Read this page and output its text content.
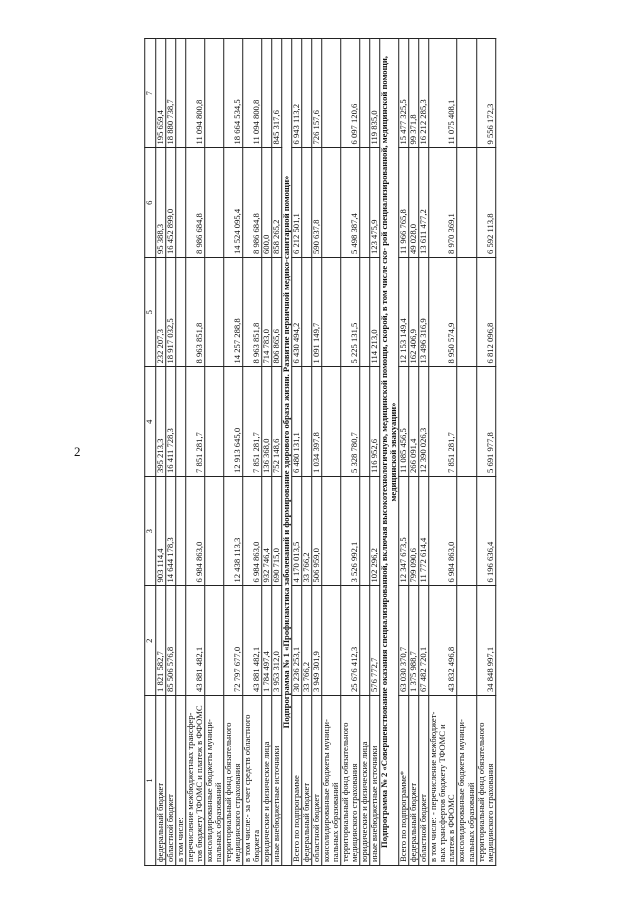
2
1	2	3	4	5	6	7
федеральный бюджет	1 821 582,7	903 114,4	395 213,3	232 207,3	95 388,3	195 659,4
областной бюджет	85 506 576,8	14 644 178,3	16 411 728,3	18 917 032,5	16 452 899,0	18 880 738,7
в том числе:						
перечисление межбюджетных трансфер- тов бюджету ТФОМС и платеж в ФФОМС	43 881 482,1	6 984 863,0	7 851 281,7	8 963 851,8	8 986 684,8	11 094 800,8
консолидированные бюджеты муници- пальных образований						
территориальный фонд обязательного медицинского страхования	72 797 677,0	12 438 113,3	12 913 645,0	14 257 288,8	14 524 095,4	18 664 534,5
в том числе:- за счет средств областного бюджета	43 881 482,1	6 984 863,0	7 851 281,7	8 963 851,8	8 986 684,8	11 094 800,8
юридические и физические лица	1 784 497,4	932 746,4	136 368,0	714 783,0	600,0	
иные внебюджетные источники	3 953 312,0	690 715,0	752 148,6	806 865,6	858 265,2	845 317,6
Подпрограмма № 1 «Профилактика заболеваний и формирование здорового образа жизни. Развитие первичной медико-санитарной помощи»						
Всего по подпрограмме	30 236 253,1	4 170 013,5	6 480 131,1	6 430 494,2	6 212 501,1	6 943 113,2
федеральный бюджет	33 766,2	33 766,2				
областной бюджет	3 949 301,9	506 959,0	1 034 397,8	1 091 149,7	590 637,8	726 157,6
консолидированные бюджеты муници- пальных образований						
территориальный фонд обязательного медицинского страхования	25 676 412,3	3 526 992,1	5 328 780,7	5 225 131,5	5 498 387,4	6 097 120,6
юридические и физические лица						
иные внебюджетные источники	576 772,7	102 296,2	116 952,6	114 213,0	123 475,9	119 835,0
Подпрограмма № 2 «Совершенствование оказания специализированной, включая высокотехнологичную, медицинской помощи, скорой, в том числе ско- рой специализированной, медицинской помощи, медицинской эвакуации»						
Всего по подпрограмме*	63 030 370,7	12 347 673,5	11 085 456,5	12 153 149,4	11 966 765,8	15 477 325,5
федеральный бюджет	1 375 988,7	799 090,6	266 091,4	162 406,9	49 028,0	99 371,8
областной бюджет	67 482 720,1	11 772 614,4	12 390 026,3	13 496 316,9	13 611 477,2	16 212 285,3
в том числе: - перечисление межбюджет- ных трансфертов бюджету ТФОМС и платеж в ФФОМС	43 832 496,8	6 984 863,0	7 851 281,7	8 950 574,9	8 970 369,1	11 075 408,1
консолидированные бюджеты муници- пальных образований						
территориальный фонд обязательного медицинского страхования	34 848 997,1	6 196 636,4	5 691 977,8	6 812 096,8	6 592 113,8	9 556 172,3
